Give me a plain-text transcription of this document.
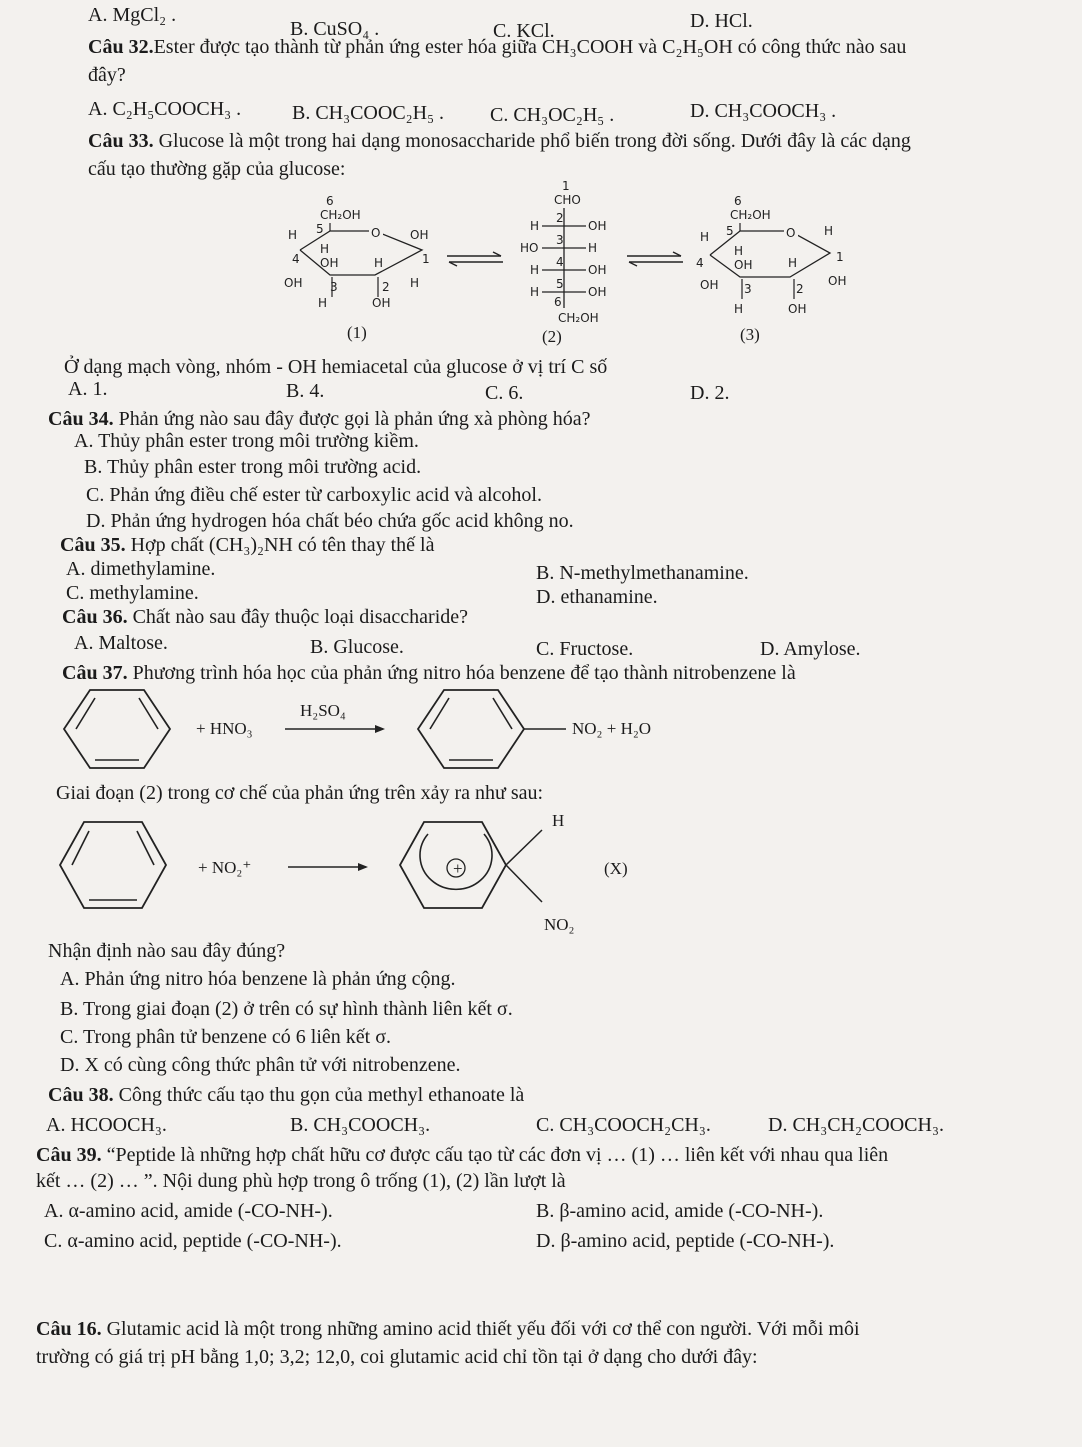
A. MgCl₂ .
B. CuSO₄ .	C. KCl.	D. HCl.
Câu 32.Ester được tạo thành từ phản ứng ester hóa giữa CH₃COOH và C₂H₅OH có công thức nào sau
đây?
A. C₂H₅COOCH₃ .	B. CH₃COOC₂H₅ . C. CH₃OC₂H₅ .	D. CH₃COOCH₃ .
Câu 33. Glucose là một trong hai dạng monosaccharide phổ biến trong đời sống. Dưới đây là các dạng
cấu tạo thường gặp của glucose:
6
CH₂OH
O
5
H	OH
4
H
OH	H	1
OH 3	2 H
H	OH
(1)
1
CHO
H
2
OH
HO
3
H
H
4
OH
H
5
OH
6
CH₂OH
(2)
6
CH₂OH
O
5
H	H
4
H
OH	H	1
OH
OH 3	2
H	OH
(3)
Ở dạng mạch vòng, nhóm - OH hemiacetal của glucose ở vị trí C số
A. 1.	B. 4.	C. 6.	D. 2.
Câu 34. Phản ứng nào sau đây được gọi là phản ứng xà phòng hóa?
A. Thủy phân ester trong môi trường kiềm.
B. Thủy phân ester trong môi trường acid.
C. Phản ứng điều chế ester từ carboxylic acid và alcohol.
D. Phản ứng hydrogen hóa chất béo chứa gốc acid không no.
Câu 35. Hợp chất (CH₃)₂NH có tên thay thế là
A. dimethylamine.	B. N-methylmethanamine.
C. methylamine.	D. ethanamine.
Câu 36. Chất nào sau đây thuộc loại disaccharide?
A. Maltose.	B. Glucose.	C. Fructose.	D. Amylose.
Câu 37. Phương trình hóa học của phản ứng nitro hóa benzene để tạo thành nitrobenzene là
+ HNO₃
H₂SO₄
NO₂ + H₂O
Giai đoạn (2) trong cơ chế của phản ứng trên xảy ra như sau:
+ NO₂⁺	+
H
NO₂
(X)
Nhận định nào sau đây đúng?
A. Phản ứng nitro hóa benzene là phản ứng cộng.
B. Trong giai đoạn (2) ở trên có sự hình thành liên kết σ.
C. Trong phân tử benzene có 6 liên kết σ.
D. X có cùng công thức phân tử với nitrobenzene.
Câu 38. Công thức cấu tạo thu gọn của methyl ethanoate là
A. HCOOCH₃.	B. CH₃COOCH₃.	C. CH₃COOCH₂CH₃.	D. CH₃CH₂COOCH₃.
Câu 39. “Peptide là những hợp chất hữu cơ được cấu tạo từ các đơn vị … (1) … liên kết với nhau qua liên
kết … (2) … ”. Nội dung phù hợp trong ô trống (1), (2) lần lượt là
A. α-amino acid, amide (-CO-NH-).	B. β-amino acid, amide (-CO-NH-).
C. α-amino acid, peptide (-CO-NH-).	D. β-amino acid, peptide (-CO-NH-).
Câu 16. Glutamic acid là một trong những amino acid thiết yếu đối với cơ thể con người. Với mỗi môi
trường có giá trị pH bằng 1,0; 3,2; 12,0, coi glutamic acid chỉ tồn tại ở dạng cho dưới đây:
